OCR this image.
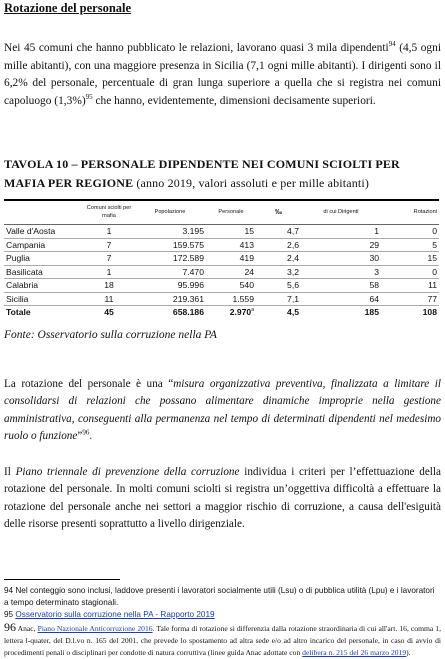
Rotazione del personale
Nei 45 comuni che hanno pubblicato le relazioni, lavorano quasi 3 mila dipendenti$^{94}$ (4,5 ogni mille abitanti), con una maggiore presenza in Sicilia (7,1 ogni mille abitanti). I dirigenti sono il 6,2% del personale, percentuale di gran lunga superiore a quella che si registra nei comuni capoluogo $(1,3\%)^{95}$ che hanno, evidentemente, dimensioni decisamente superiori.
TAVOLA 10 – PERSONALE DIPENDENTE NEI COMUNI SCIOLTI PER MAFIA PER REGIONE (anno 2019, valori assoluti e per mille abitanti)
	Comuni sciolti per mafia	Popolazione	Personale	‰	di cui Dirigenti	Rotazioni
Valle d'Aosta	1	3.195	15	4,7	1	0
Campania	7	159.575	413	2,6	29	5
Puglia	7	172.589	419	2,4	30	15
Basilicata	1	7.470	24	3,2	3	0
Calabria	18	95.996	540	5,6	58	11
Sicilia	11	219.361	1.559	7,1	64	77
Totale	45	658.186	2.970$^a$	4,5	185	108
Fonte: Osservatorio sulla corruzione nella PA
La rotazione del personale è una “misura organizzativa preventiva, finalizzata a limitare il consolidarsi di relazioni che possano alimentare dinamiche improprie nella gestione amministrativa, conseguenti alla permanenza nel tempo di determinati dipendenti nel medesimo ruolo o funzione”$^{96}$.
Il Piano triennale di prevenzione della corruzione individua i criteri per l’effettuazione della rotazione del personale. In molti comuni sciolti si registra un’oggettiva difficoltà a effettuare la rotazione del personale anche nei settori a maggior rischio di corruzione, a causa dell'esiguità delle risorse presenti soprattutto a livello dirigenziale.
94 Nel conteggio sono inclusi, laddove presenti i lavoratori socialmente utili (Lsu) o di pubblica utilità (Lpu) e i lavoratori a tempo determinato stagionali.
95 Osservatorio sulla corruzione nella PA - Rapporto 2019
96 Anac, Piano Nazionale Anticorruzione 2016. Tale forma di rotazione si differenzia dalla rotazione straordinaria di cui all'art. 16, comma 1, lettera l-quater, del D.l.vo n. 165 del 2001, che prevede lo spostamento ad altra sede e/o ad altro incarico del personale, in caso di avvio di procedimenti penali o disciplinari per condotte di natura corruttiva (linee guida Anac adottate con delibera n. 215 del 26 marzo 2019).
